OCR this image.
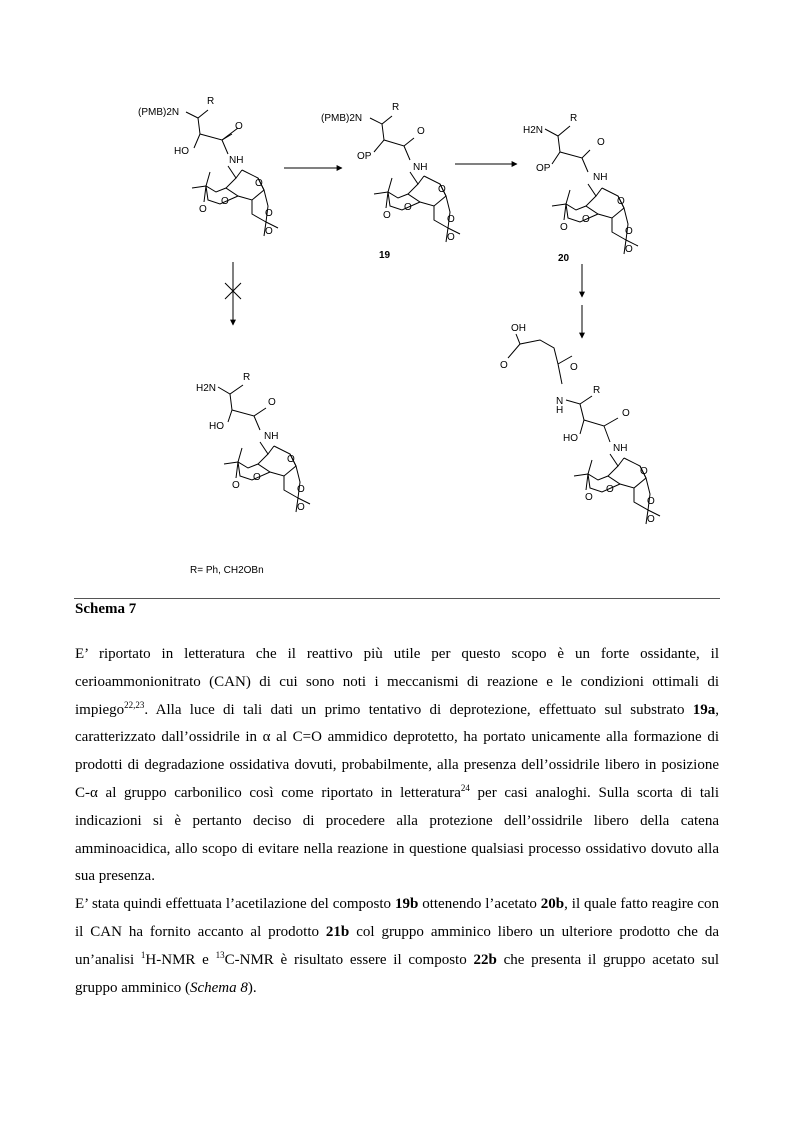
(PMB)2N
R
HO
O
NH
O
O
O
O
O
(PMB)2N
R
OP
O
NH
O
O
O
O
O
19
H2N
R
OP
O
NH
O
O
O
O
O
20
H2N
R
HO
O
NH
O
O
O
O
O
R= Ph, CH2OBn
OH
O	O
N
H
R
HO
O
NH
O
O
O
O
O
Schema 7

E’ riportato in letteratura che il reattivo più utile per questo scopo è un forte ossidante, il cerioammonionitrato (CAN) di cui sono noti i meccanismi di reazione e le condizioni ottimali di impiego$^{22,23}$. Alla luce di tali dati un primo tentativo di deprotezione, effettuato sul substrato 19a, caratterizzato dall’ossidrile in α al C=O ammidico deprotetto, ha portato unicamente alla formazione di prodotti di degradazione ossidativa dovuti, probabilmente, alla presenza dell’ossidrile libero in posizione C-α al gruppo carbonilico così come riportato in letteratura$^{24}$ per casi analoghi. Sulla scorta di tali indicazioni si è pertanto deciso di procedere alla protezione dell’ossidrile libero della catena amminoacidica, allo scopo di evitare nella reazione in questione qualsiasi processo ossidativo dovuto alla sua presenza.

E’ stata quindi effettuata l’acetilazione del composto 19b ottenendo l’acetato 20b, il quale fatto reagire con il CAN ha fornito accanto al prodotto 21b col gruppo amminico libero un ulteriore prodotto che da un’analisi $^1$H-NMR e $^{13}$C-NMR è risultato essere il composto 22b che presenta il gruppo acetato sul gruppo amminico (Schema 8).
